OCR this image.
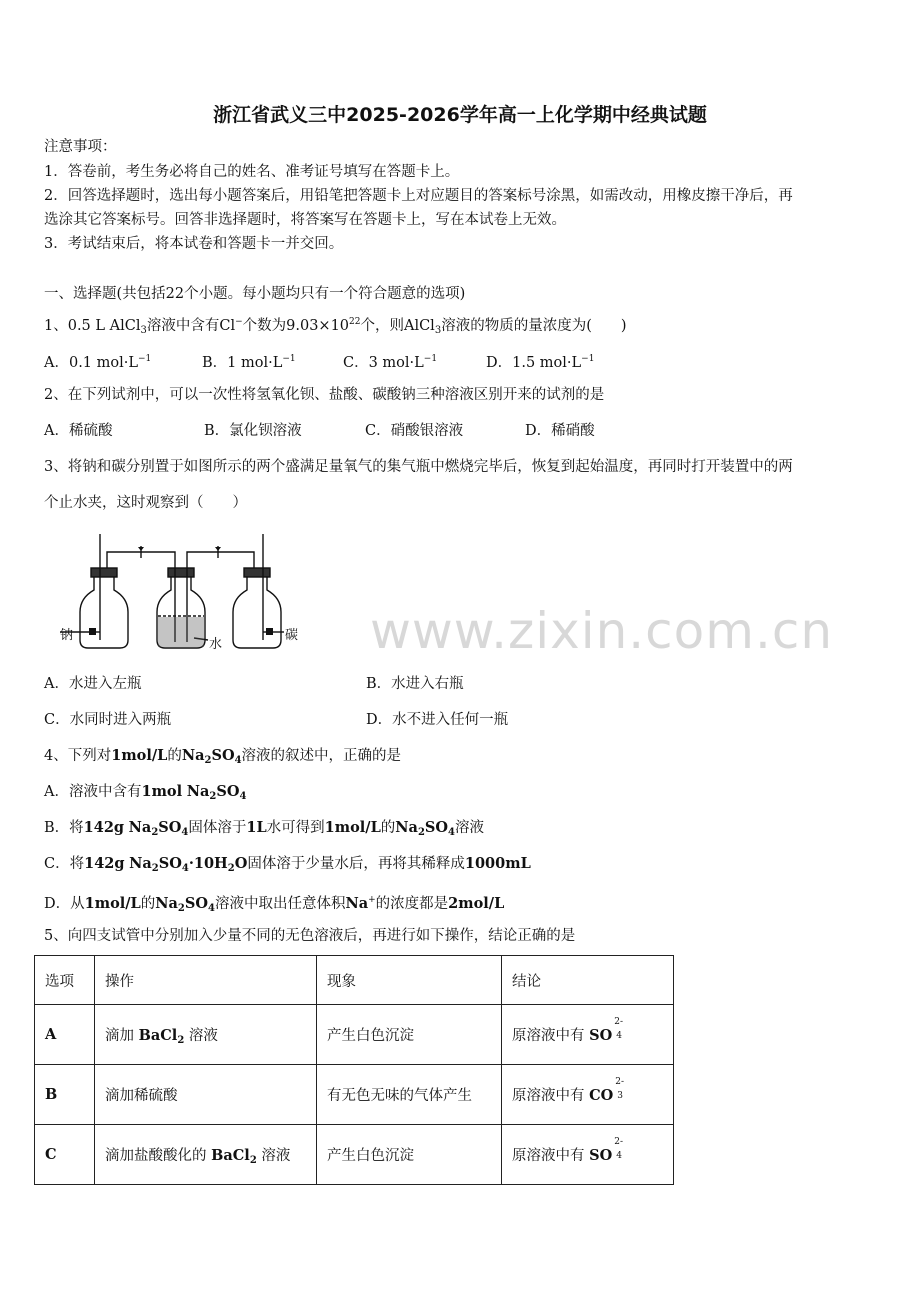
浙江省武义三中2025-2026学年高一上化学期中经典试题
注意事项：
1．答卷前，考生务必将自己的姓名、准考证号填写在答题卡上。
2．回答选择题时，选出每小题答案后，用铅笔把答题卡上对应题目的答案标号涂黑，如需改动，用橡皮擦干净后，再
选涂其它答案标号。回答非选择题时，将答案写在答题卡上，写在本试卷上无效。
3．考试结束后，将本试卷和答题卡一并交回。
一、选择题(共包括22个小题。每小题均只有一个符合题意的选项)
1、0.5 L AlCl$_3$溶液中含有Cl−个数为$9.03\times 10^{22}$个，则AlCl$_3$溶液的物质的量浓度为(　　)
A．0.1 $mol\cdot L^{-1}$	B．1 $mol\cdot L^{-1}$	C．3 $mol\cdot L^{-1}$	D．1.5 $mol\cdot L^{-1}$
2、在下列试剂中，可以一次性将氢氧化钡、盐酸、碳酸钠三种溶液区别开来的试剂的是
A．稀硫酸	B．氯化钡溶液	C．硝酸银溶液	D．稀硝酸
3、将钠和碳分别置于如图所示的两个盛满足量氧气的集气瓶中燃烧完毕后，恢复到起始温度，再同时打开装置中的两
个止水夹，这时观察到（　　）
钠
水
碳 www.zixin.com.cn
A．水进入左瓶	B．水进入右瓶
C．水同时进入两瓶	D．水不进入任何一瓶
4、下列对1mol/L的$Na_2SO_4$溶液的叙述中，正确的是
A．溶液中含有1mol $Na_2SO_4$
B．将142g $Na_2SO_4$固体溶于1L水可得到1mol/L的$Na_2SO_4$溶液
C．将142g $Na_2SO_4\cdot 10H_2O$固体溶于少量水后，再将其稀释成1000mL
D．从1mol/L的$Na_2SO_4$溶液中取出任意体积Na+的浓度都是2mol/L
5、向四支试管中分别加入少量不同的无色溶液后，再进行如下操作，结论正确的是
选项	操作	现象	结论
A	滴加 BaCl$_2$ 溶液	产生白色沉淀	原溶液中有 SO
2-
4

B	滴加稀硫酸	有无色无味的气体产生	原溶液中有 CO
2-
3

C	滴加盐酸酸化的 BaCl$_2$ 溶液	产生白色沉淀	原溶液中有 SO
2-
4
